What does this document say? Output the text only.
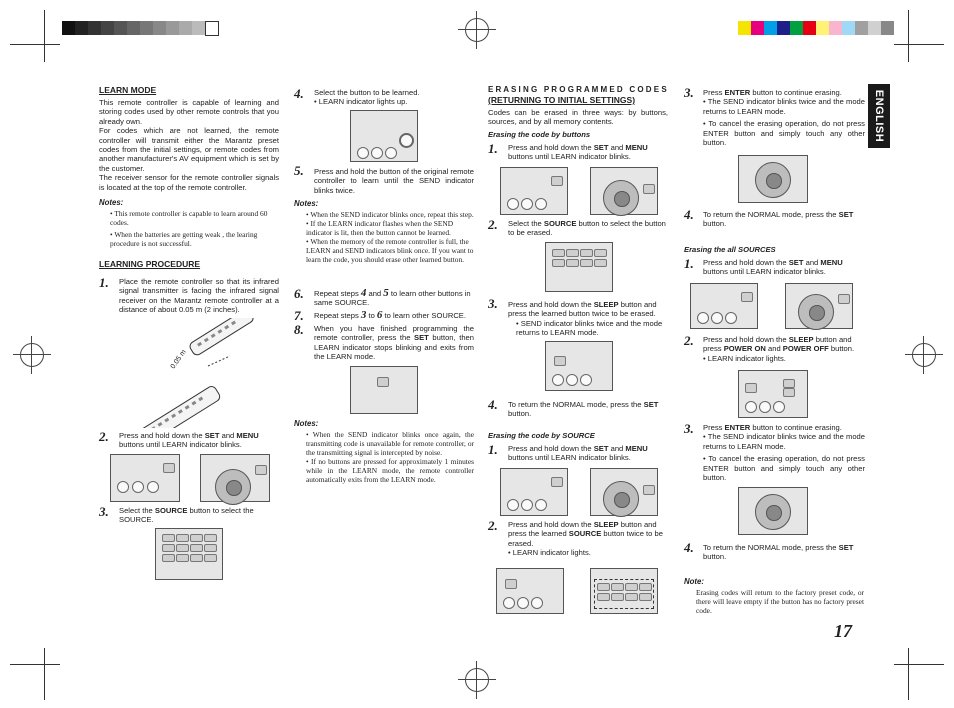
ENGLISH
LEARN MODE
This remote controller is capable of learning and storing codes used by other remote controls that you already own.
For codes which are not learned, the remote controller will transmit either the Marantz preset codes from the initial settings, or remote codes from another manufacturer's AV equipment which is set by the customer.
The receiver sensor for the remote controller signals is located at the top of the remote controller.
Notes:
• This remote controller is capable to learn around 60 codes.
• When the batteries are getting weak , the learing procedure is not successful.
LEARNING PROCEDURE
1. Place the remote controller so that its infrared signal transmitter is facing the infrared signal receiver on the Marantz remote controller at a distance of about 0.05 m (2 inches).
0.05 m
2. Press and hold down the SET and MENU buttons until LEARN indicator blinks.
3. Select the SOURCE button to select the SOURCE.
4. Select the button to be learned.
• LEARN indicator lights up.
5. Press and hold the button of the original remote controller to learn until the SEND indicator blinks twice.
Notes:
• When the SEND indicator blinks once, repeat this step.
• If the LEARN indicator flashes when the SEND indicator is lit, then the button cannot be learned.
• When the memory of the remote controller is full, the LEARN and SEND indicators blink once. If you want to learn the code, you should erase other learned button.
6. Repeat steps 4 and 5 to learn other buttons in same SOURCE.
7. Repeat steps 3 to 6 to learn other SOURCE.
8. When you have finished programming the remote controller, press the SET button, then LEARN indicator stops blinking and exits from the LEARN mode.
Notes:
• When the SEND indicator blinks once again, the transmitting code is unavailable for remote controller, or the transmitting signal is intercepted by noise.
• If no buttons are pressed for approximately 1 minutes while in the LEARN mode, the remote controller automatically exits from the LEARN mode.
E R A S I N G   P R O G R A M M E D   C O D E S
(RETURNING TO INITIAL SETTINGS)
Codes can be erased in three ways: by buttons, sources, and by all memory contents.
Erasing the code by buttons
1. Press and hold down the SET and MENU buttons until LEARN indicator blinks.
2. Select the SOURCE button to select the button to be erased.
3. Press and hold down the SLEEP button and press the learned button twice to be erased.
• SEND indicator blinks twice and the mode returns to LEARN mode.
4. To return the NORMAL mode, press the SET button.
Erasing the code by SOURCE
1. Press and hold down the SET and MENU buttons until LEARN indicator blinks.
2. Press and hold down the SLEEP button and press the learned SOURCE button twice to be erased.
• LEARN indicator lights.
3. Press ENTER button to continue erasing.
• The SEND indicator blinks twice and the mode returns to LEARN mode.
• To cancel the erasing operation, do not press ENTER button and simply touch any other button.
4. To return the NORMAL mode, press the SET button.
Erasing the all SOURCES
1. Press and hold down the SET and MENU buttons until LEARN indicator blinks.
2. Press and hold down the SLEEP button and press POWER ON and POWER OFF button.
• LEARN indicator lights.
3. Press ENTER button to continue erasing.
• The SEND indicator blinks twice and the mode returns to LEARN mode.
• To cancel the erasing operation, do not press ENTER button and simply touch any other button.
4. To return the NORMAL mode, press the SET button.
Note:
Erasing codes will return to the factory preset code, or there will leave empty if the button has no factory preset code.
17
